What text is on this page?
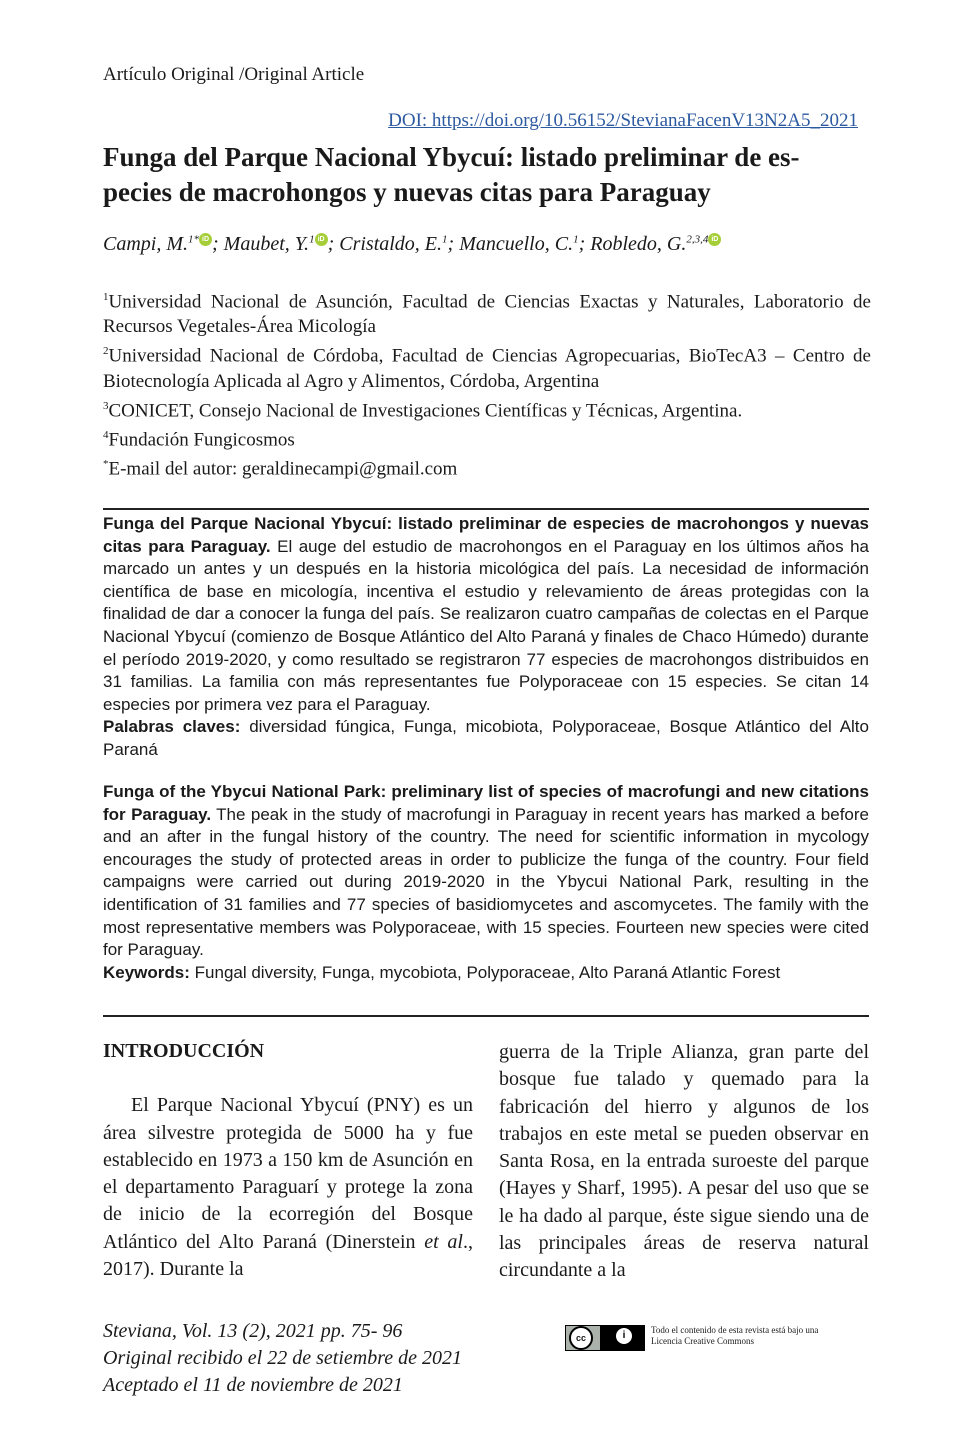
Artículo Original /Original Article
DOI: https://doi.org/10.56152/StevianaFacenV13N2A5_2021
Funga del Parque Nacional Ybycuí: listado preliminar de es-
pecies de macrohongos y nuevas citas para Paraguay
Campi, M.$^{1*}$ iD ; Maubet, Y.$^1$ iD ; Cristaldo, E.$^1$; Mancuello, C.$^1$; Robledo, G.$^{2,3,4}$ iD
$^1$Universidad Nacional de Asunción, Facultad de Ciencias Exactas y Naturales, Laboratorio de Recursos Vegetales-Área Micología
$^2$Universidad Nacional de Córdoba, Facultad de Ciencias Agropecuarias, BioTecA3 – Centro de Biotecnología Aplicada al Agro y Alimentos, Córdoba, Argentina
$^3$CONICET, Consejo Nacional de Investigaciones Científicas y Técnicas, Argentina.
$^4$Fundación Fungicosmos
*E-mail del autor: geraldinecampi@gmail.com
Funga del Parque Nacional Ybycuí: listado preliminar de especies de macrohongos y nuevas citas para Paraguay. El auge del estudio de macrohongos en el Paraguay en los últimos años ha marcado un antes y un después en la historia micológica del país. La necesidad de información científica de base en micología, incentiva el estudio y relevamiento de áreas protegidas con la finalidad de dar a conocer la funga del país. Se realizaron cuatro campañas de colectas en el Parque Nacional Ybycuí (comienzo de Bosque Atlántico del Alto Paraná y finales de Chaco Húmedo) durante el período 2019-2020, y como resultado se registraron 77 especies de macrohongos distribuidos en 31 familias. La familia con más representantes fue Polyporaceae con 15 especies. Se citan 14 especies por primera vez para el Paraguay.
Palabras claves: diversidad fúngica, Funga, micobiota, Polyporaceae, Bosque Atlántico del Alto Paraná
Funga of the Ybycui National Park: preliminary list of species of macrofungi and new citations for Paraguay. The peak in the study of macrofungi in Paraguay in recent years has marked a before and an after in the fungal history of the country. The need for scientific information in mycology encourages the study of protected areas in order to publicize the funga of the country. Four field campaigns were carried out during 2019-2020 in the Ybycui National Park, resulting in the identification of 31 families and 77 species of basidiomycetes and ascomycetes. The family with the most representative members was Polyporaceae, with 15 species. Fourteen new species were cited for Paraguay.
Keywords: Fungal diversity, Funga, mycobiota, Polyporaceae, Alto Paraná Atlantic Forest
INTRODUCCIÓN
El Parque Nacional Ybycuí (PNY) es un área silvestre protegida de 5000 ha y fue establecido en 1973 a 150 km de Asunción en el departamento Paraguarí y protege la zona de inicio de la ecorregión del Bosque Atlántico del Alto Paraná (Dinerstein et al., 2017). Durante la
guerra de la Triple Alianza, gran parte del bosque fue talado y quemado para la fabricación del hierro y algunos de los trabajos en este metal se pueden observar en Santa Rosa, en la entrada suroeste del parque (Hayes y Sharf, 1995). A pesar del uso que se le ha dado al parque, éste sigue siendo una de las principales áreas de reserva natural circundante a la
Steviana, Vol. 13 (2), 2021 pp. 75- 96
Original recibido el 22 de setiembre de 2021
Aceptado el 11 de noviembre de 2021
cc	i	Todo el contenido de esta revista está bajo una Licencia Creative Commons
